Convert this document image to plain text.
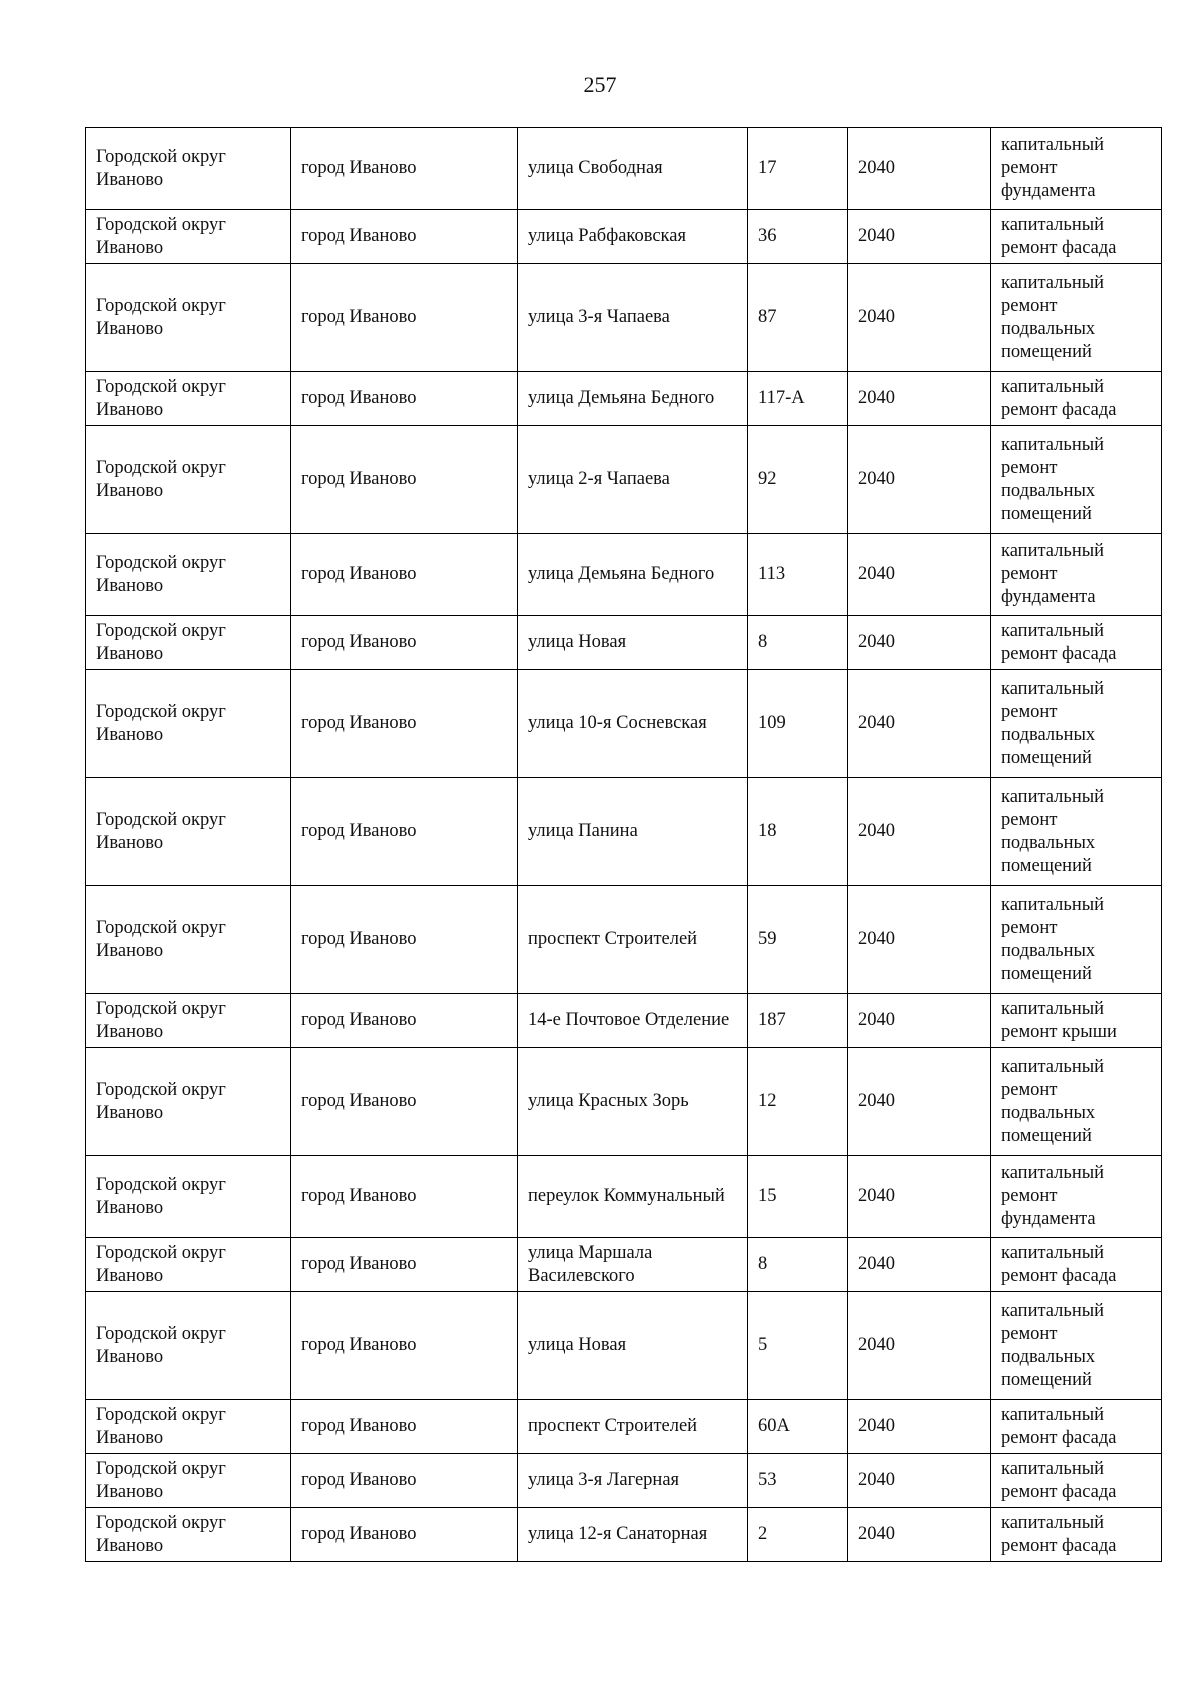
257
Городской округ Иваново	город Иваново	улица Свободная	17	2040	капитальный ремонт фундамента
Городской округ Иваново	город Иваново	улица Рабфаковская	36	2040	капитальный ремонт фасада
Городской округ Иваново	город Иваново	улица 3-я Чапаева	87	2040	капитальный ремонт подвальных помещений
Городской округ Иваново	город Иваново	улица Демьяна Бедного	117-А	2040	капитальный ремонт фасада
Городской округ Иваново	город Иваново	улица 2-я Чапаева	92	2040	капитальный ремонт подвальных помещений
Городской округ Иваново	город Иваново	улица Демьяна Бедного	113	2040	капитальный ремонт фундамента
Городской округ Иваново	город Иваново	улица Новая	8	2040	капитальный ремонт фасада
Городской округ Иваново	город Иваново	улица 10-я Сосневская	109	2040	капитальный ремонт подвальных помещений
Городской округ Иваново	город Иваново	улица Панина	18	2040	капитальный ремонт подвальных помещений
Городской округ Иваново	город Иваново	проспект Строителей	59	2040	капитальный ремонт подвальных помещений
Городской округ Иваново	город Иваново	14-е Почтовое Отделение	187	2040	капитальный ремонт крыши
Городской округ Иваново	город Иваново	улица Красных Зорь	12	2040	капитальный ремонт подвальных помещений
Городской округ Иваново	город Иваново	переулок Коммунальный	15	2040	капитальный ремонт фундамента
Городской округ Иваново	город Иваново	улица Маршала Василевского	8	2040	капитальный ремонт фасада
Городской округ Иваново	город Иваново	улица Новая	5	2040	капитальный ремонт подвальных помещений
Городской округ Иваново	город Иваново	проспект Строителей	60А	2040	капитальный ремонт фасада
Городской округ Иваново	город Иваново	улица 3-я Лагерная	53	2040	капитальный ремонт фасада
Городской округ Иваново	город Иваново	улица 12-я Санаторная	2	2040	капитальный ремонт фасада
